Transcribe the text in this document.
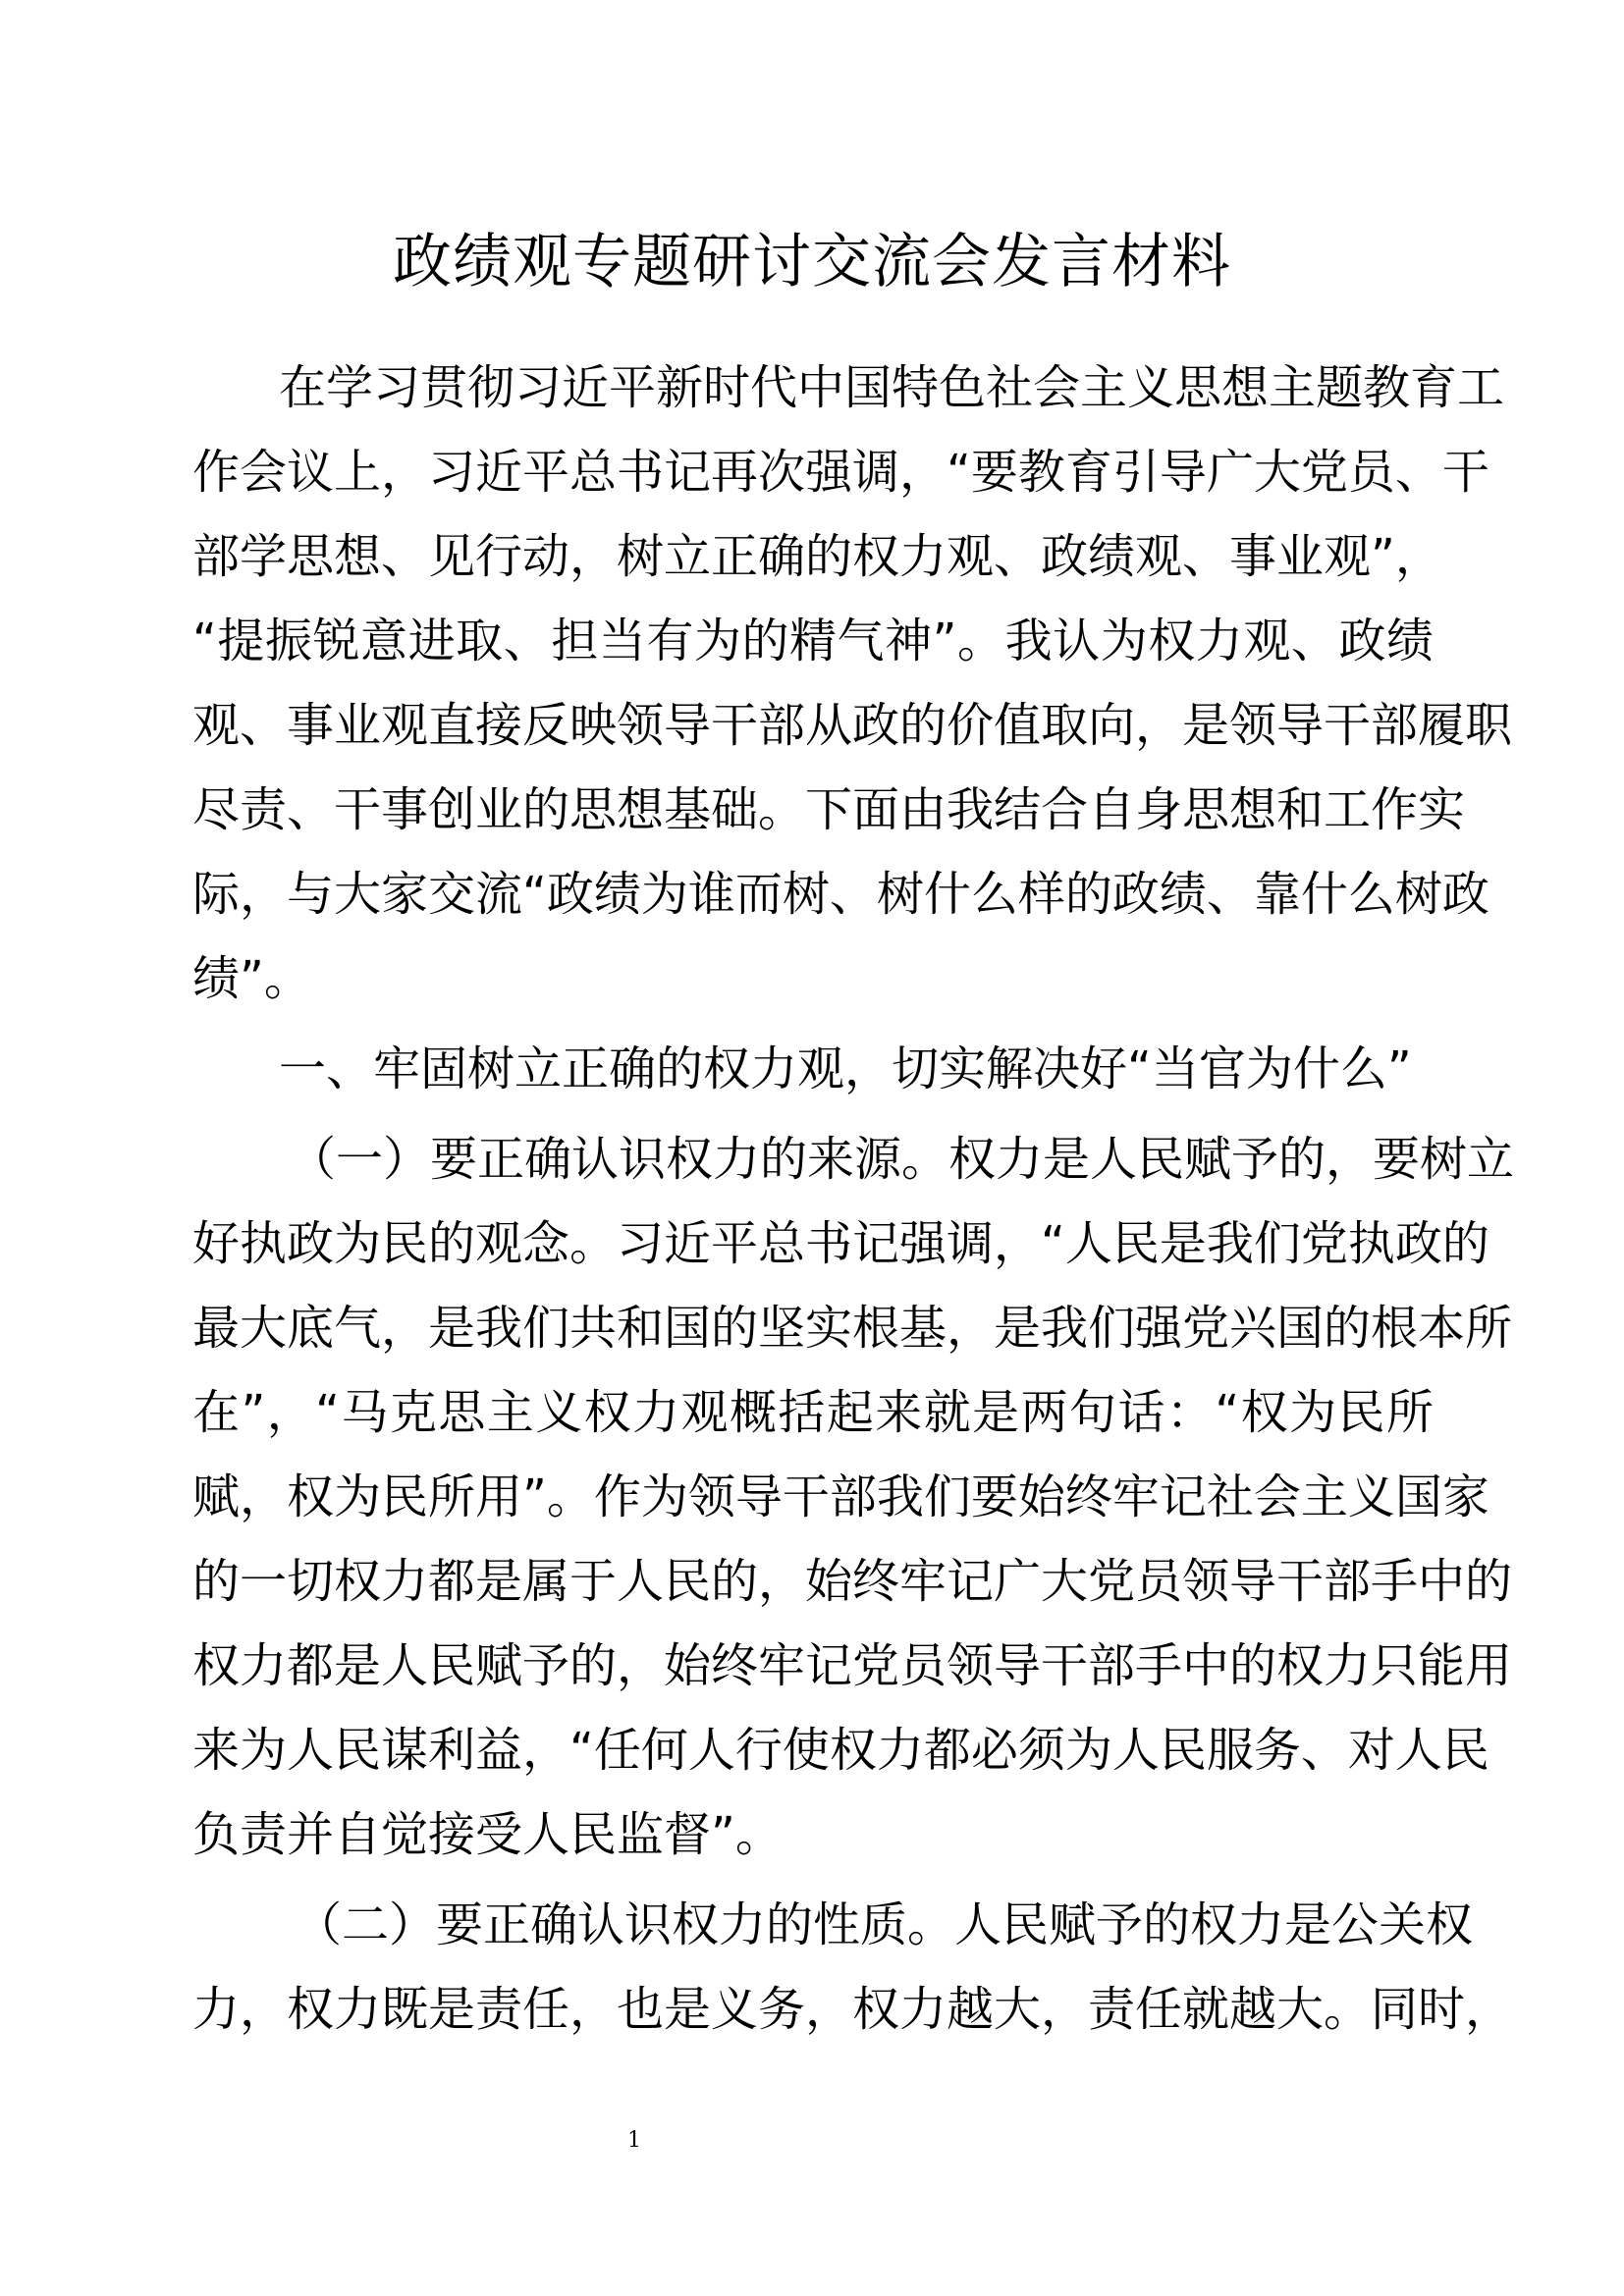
政绩观专题研讨交流会发言材料

在学习贯彻习近平新时代中国特色社会主义思想主题教育工

作会议上，习近平总书记再次强调，“要教育引导广大党员、干

部学思想、见行动，树立正确的权力观、政绩观、事业观”，

“提振锐意进取、担当有为的精气神”。我认为权力观、政绩

观、事业观直接反映领导干部从政的价值取向，是领导干部履职

尽责、干事创业的思想基础。下面由我结合自身思想和工作实

际，与大家交流“政绩为谁而树、树什么样的政绩、靠什么树政

绩”。

一、牢固树立正确的权力观，切实解决好“当官为什么”

（一）要正确认识权力的来源。权力是人民赋予的，要树立

好执政为民的观念。习近平总书记强调，“人民是我们党执政的

最大底气，是我们共和国的坚实根基，是我们强党兴国的根本所

在”，“马克思主义权力观概括起来就是两句话：“权为民所

赋，权为民所用”。作为领导干部我们要始终牢记社会主义国家

的一切权力都是属于人民的，始终牢记广大党员领导干部手中的

权力都是人民赋予的，始终牢记党员领导干部手中的权力只能用

来为人民谋利益，“任何人行使权力都必须为人民服务、对人民

负责并自觉接受人民监督”。

（二）要正确认识权力的性质。人民赋予的权力是公关权

力，权力既是责任，也是义务，权力越大，责任就越大。同时，

1
